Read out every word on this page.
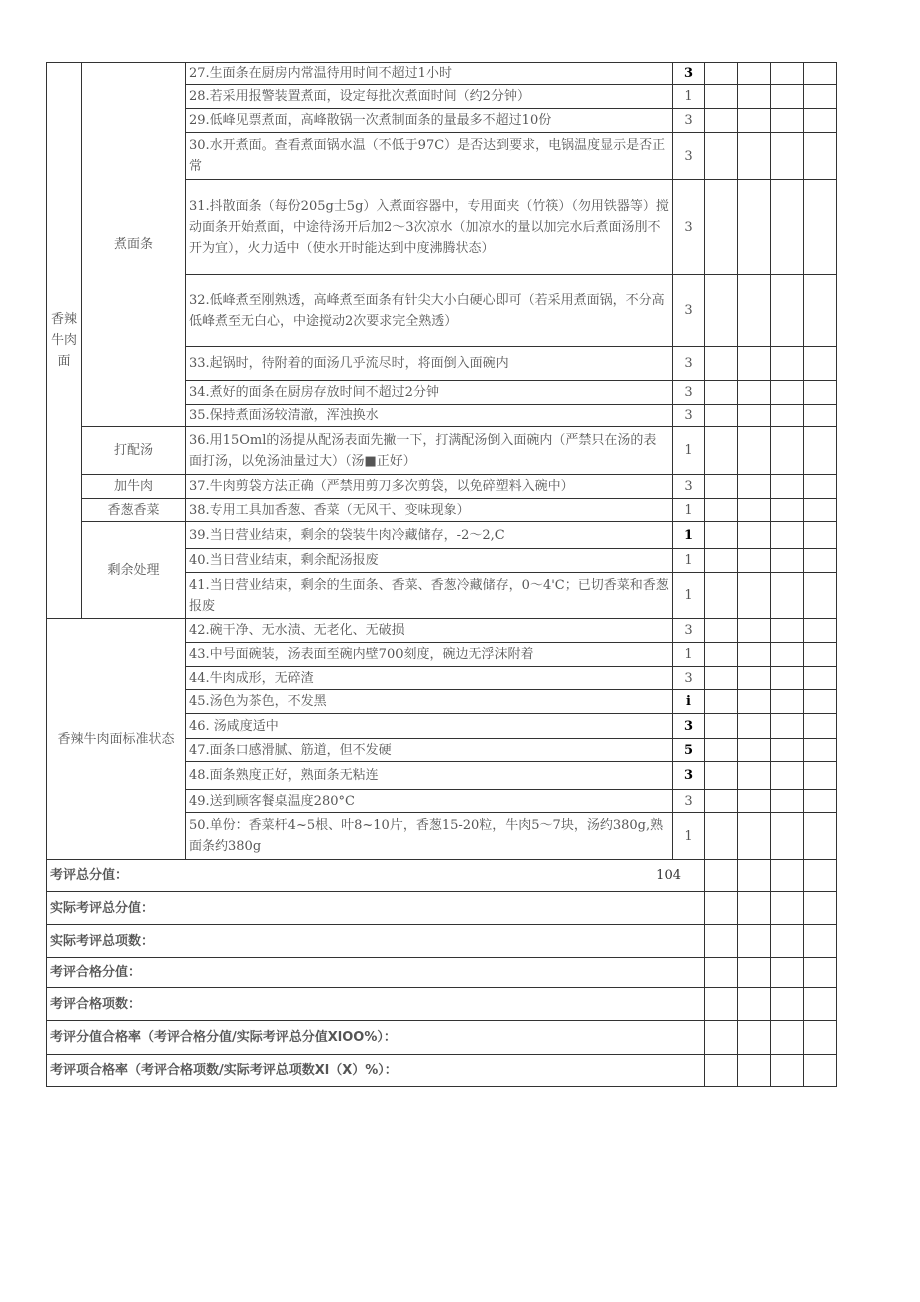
香辣牛肉面	煮面条	27.生面条在厨房内常温待用时间不超过1小时	3				
		28.若采用报警装置煮面，设定每批次煮面时间（约2分钟）	1				
		29.低峰见票煮面，高峰散锅一次煮制面条的量最多不超过10份	3				
		30.水开煮面。查看煮面锅水温（不低于97C）是否达到要求，电锅温度显示是否正常	3				
		31.抖散面条（每份205g士5g）入煮面容器中，专用面夹（竹筷）（勿用铁器等）搅动面条开始煮面，中途待汤开后加2～3次凉水（加凉水的量以加完水后煮面汤刖不开为宜），火力适中（使水开时能达到中度沸腾状态）	3				
		32.低峰煮至刚熟透，高峰煮至面条有针尖大小白硬心即可（若采用煮面锅，不分高低峰煮至无白心，中途搅动2次要求完全熟透）	3				
		33.起锅时，待附着的面汤几乎流尽时，将面倒入面碗内	3				
		34.煮好的面条在厨房存放时间不超过2分钟	3				
		35.保持煮面汤较清澈，浑浊换水	3				
	打配汤	36.用15Oml的汤提从配汤表面先撇一下，打满配汤倒入面碗内（严禁只在汤的表面打汤，以免汤油量过大）（汤■正好）	1				
	加牛肉	37.牛肉剪袋方法正确（严禁用剪刀多次剪袋，以免碎塑料入碗中）	3				
	香葱香菜	38.专用工具加香葱、香菜（无风干、变味现象）	1				
	剩余处理	39.当日营业结束，剩余的袋装牛肉冷藏储存，-2～2,C	1				
		40.当日营业结束，剩余配汤报废	1				
		41.当日营业结束，剩余的生面条、香菜、香葱冷藏储存，0～4'C；已切香菜和香葱报废	1				
香辣牛肉面标准状态		42.碗干净、无水渍、无老化、无破损	3				
		43.中号面碗装，汤表面至碗内壁700刻度，碗边无浮沫附着	1				
		44.牛肉成形，无碎渣	3				
		45.汤色为茶色，不发黑	i				
		46. 汤咸度适中	3				
		47.面条口感滑腻、筋道，但不发硬	5				
		48.面条熟度正好，熟面条无粘连	3				
		49.送到顾客餐桌温度280°C	3				
		50.单份：香菜杆4~5根、叶8~10片，香葱15-20粒，牛肉5～7块，汤约380g,熟面条约380g	1				
考评总分值： 104							

实际考评总分值：							
实际考评总项数：							
考评合格分值：							
考评合格项数：							
考评分值合格率（考评合格分值/实际考评总分值XlOO%）：							
考评项合格率（考评合格项数/实际考评总项数Xl（X）%）：							
